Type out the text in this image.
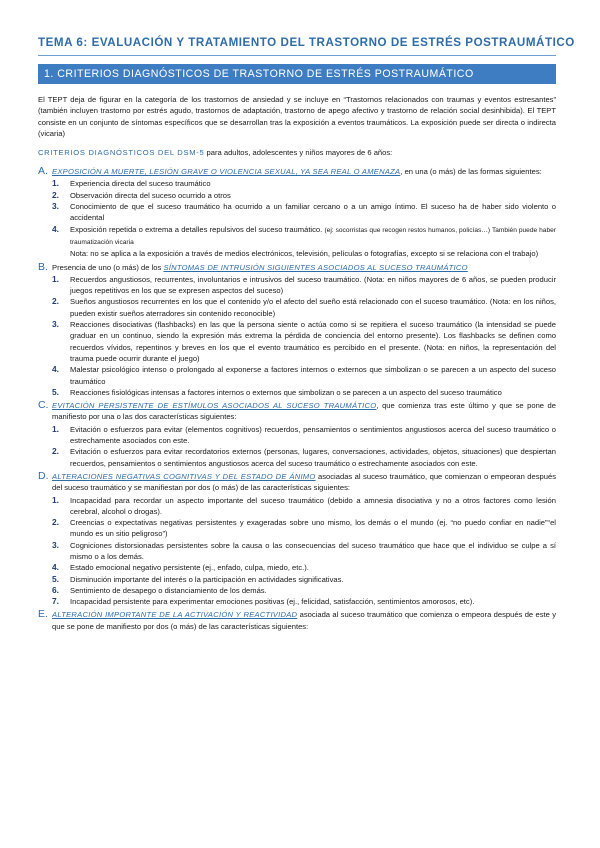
TEMA 6: EVALUACIÓN Y TRATAMIENTO DEL TRASTORNO DE ESTRÉS POSTRAUMÁTICO
1. CRITERIOS DIAGNÓSTICOS DE TRASTORNO DE ESTRÉS POSTRAUMÁTICO

El TEPT deja de figurar en la categoría de los trastornos de ansiedad y se incluye en “Trastornos relacionados con traumas y eventos estresantes” (también incluyen trastorno por estrés agudo, trastornos de adaptación, trastorno de apego afectivo y trastorno de relación social desinhibida). El TEPT consiste en un conjunto de síntomas específicos que se desarrollan tras la exposición a eventos traumáticos. La exposición puede ser directa o indirecta (vicaria)

CRITERIOS DIAGNÓSTICOS DEL DSM-5 para adultos, adolescentes y niños mayores de 6 años:

A. EXPOSICIÓN A MUERTE, LESIÓN GRAVE O VIOLENCIA SEXUAL, YA SEA REAL O AMENAZA, en una (o más) de las formas siguientes:
1.	Experiencia directa del suceso traumático
2.	Observación directa del suceso ocurrido a otros
3.	Conocimiento de que el suceso traumático ha ocurrido a un familiar cercano o a un amigo íntimo. El suceso ha de haber sido violento o accidental
4.	Exposición repetida o extrema a detalles repulsivos del suceso traumático. (ej: socorristas que recogen restos humanos, policías…) También puede haber traumatización vicaria
Nota: no se aplica a la exposición a través de medios electrónicos, televisión, películas o fotografías, excepto si se relaciona con el trabajo)
B. Presencia de uno (o más) de los SÍNTOMAS DE INTRUSIÓN SIGUIENTES ASOCIADOS AL SUCESO TRAUMÁTICO
1.	Recuerdos angustiosos, recurrentes, involuntarios e intrusivos del suceso traumático. (Nota: en niños mayores de 6 años, se pueden producir juegos repetitivos en los que se expresen aspectos del suceso)
2.	Sueños angustiosos recurrentes en los que el contenido y/o el afecto del sueño está relacionado con el suceso traumático. (Nota: en los niños, pueden existir sueños aterradores sin contenido reconocible)
3.	Reacciones disociativas (flashbacks) en las que la persona siente o actúa como si se repitiera el suceso traumático (la intensidad se puede graduar en un continuo, siendo la expresión más extrema la pérdida de conciencia del entorno presente). Los flashbacks se definen como recuerdos vívidos, repentinos y breves en los que el evento traumático es percibido en el presente. (Nota: en niños, la representación del trauma puede ocurrir durante el juego)
4.	Malestar psicológico intenso o prolongado al exponerse a factores internos o externos que simbolizan o se parecen a un aspecto del suceso traumático
5.	Reacciones fisiológicas intensas a factores internos o externos que simbolizan o se parecen a un aspecto del suceso traumático
C. EVITACIÓN PERSISTENTE DE ESTÍMULOS ASOCIADOS AL SUCESO TRAUMÁTICO, que comienza tras este último y que se pone de manifiesto por una o las dos características siguientes:
1.	Evitación o esfuerzos para evitar (elementos cognitivos) recuerdos, pensamientos o sentimientos angustiosos acerca del suceso traumático o estrechamente asociados con este.
2.	Evitación o esfuerzos para evitar recordatorios externos (personas, lugares, conversaciones, actividades, objetos, situaciones) que despiertan recuerdos, pensamientos o sentimientos angustiosos acerca del suceso traumático o estrechamente asociados con este.
D. ALTERACIONES NEGATIVAS COGNITIVAS Y DEL ESTADO DE ÁNIMO asociadas al suceso traumático, que comienzan o empeoran después del suceso traumático y se manifiestan por dos (o más) de las características siguientes:
1.	Incapacidad para recordar un aspecto importante del suceso traumático (debido a amnesia disociativa y no a otros factores como lesión cerebral, alcohol o drogas).
2.	Creencias o expectativas negativas persistentes y exageradas sobre uno mismo, los demás o el mundo (ej. “no puedo confiar en nadie”“el mundo es un sitio peligroso”)
3.	Cogniciones distorsionadas persistentes sobre la causa o las consecuencias del suceso traumático que hace que el individuo se culpe a sí mismo o a los demás.
4.	Estado emocional negativo persistente (ej., enfado, culpa, miedo, etc.).
5.	Disminución importante del interés o la participación en actividades significativas.
6.	Sentimiento de desapego o distanciamiento de los demás.
7.	Incapacidad persistente para experimentar emociones positivas (ej., felicidad, satisfacción, sentimientos amorosos, etc).
E. ALTERACIÓN IMPORTANTE DE LA ACTIVACIÓN Y REACTIVIDAD asociada al suceso traumático que comienza o empeora después de este y que se pone de manifiesto por dos (o más) de las características siguientes:
